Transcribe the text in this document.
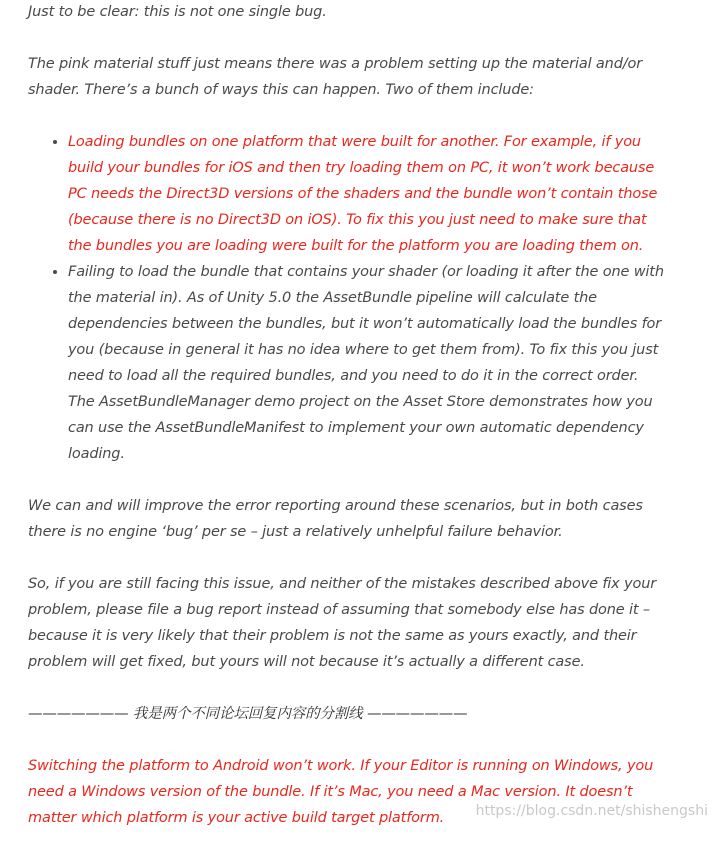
Just to be clear: this is not one single bug.

The pink material stuff just means there was a problem setting up the material and/or shader. There’s a bunch of ways this can happen. Two of them include:

• Loading bundles on one platform that were built for another. For example, if you build your bundles for iOS and then try loading them on PC, it won’t work because PC needs the Direct3D versions of the shaders and the bundle won’t contain those (because there is no Direct3D on iOS). To fix this you just need to make sure that the bundles you are loading were built for the platform you are loading them on.
• Failing to load the bundle that contains your shader (or loading it after the one with the material in). As of Unity 5.0 the AssetBundle pipeline will calculate the dependencies between the bundles, but it won’t automatically load the bundles for you (because in general it has no idea where to get them from). To fix this you just need to load all the required bundles, and you need to do it in the correct order. The AssetBundleManager demo project on the Asset Store demonstrates how you can use the AssetBundleManifest to implement your own automatic dependency loading.

We can and will improve the error reporting around these scenarios, but in both cases there is no engine ‘bug’ per se – just a relatively unhelpful failure behavior.

So, if you are still facing this issue, and neither of the mistakes described above fix your problem, please file a bug report instead of assuming that somebody else has done it – because it is very likely that their problem is not the same as yours exactly, and their problem will get fixed, but yours will not because it’s actually a different case.

——————— 我是两个不同论坛回复内容的分割线 ———————

Switching the platform to Android won’t work. If your Editor is running on Windows, you need a Windows version of the bundle. If it’s Mac, you need a Mac version. It doesn’t matter which platform is your active build target platform.	https://blog.csdn.net/shishengshi
